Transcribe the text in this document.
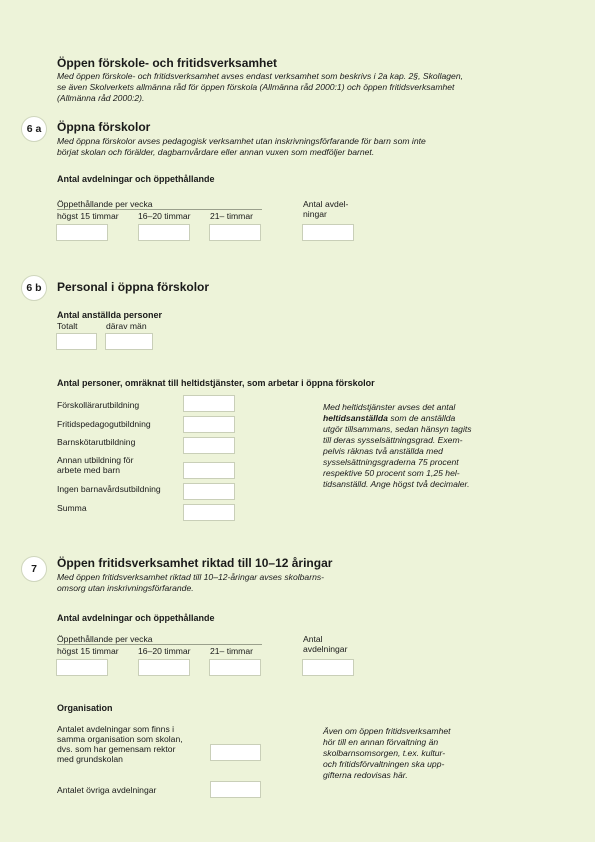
Öppen förskole- och fritidsverksamhet
Med öppen förskole- och fritidsverksamhet avses endast verksamhet som beskrivs i 2a kap. 2§, Skollagen,
se även Skolverkets allmänna råd för öppen förskola (Allmänna råd 2000:1) och öppen fritidsverksamhet
(Allmänna råd 2000:2).
6 a	Öppna förskolor
Med öppna förskolor avses pedagogisk verksamhet utan inskrivningsförfarande för barn som inte
börjat skolan och förälder, dagbarnvårdare eller annan vuxen som medföljer barnet.
Antal avdelningar och öppethållande
Öppethållande per vecka
högst 15 timmar 16–20 timmar 21– timmar
Antal avdel-
ningar
6 b	Personal i öppna förskolor
Antal anställda personer
Totalt	därav män
Antal personer, omräknat till heltidstjänster, som arbetar i öppna förskolor
Förskollärarutbildning
Fritidspedagogutbildning
Barnskötarutbildning
Annan utbildning för
arbete med barn
Ingen barnavårdsutbildning
Summa
Med heltidstjänster avses det antal
heltidsanställda som de anställda
utgör tillsammans, sedan hänsyn tagits
till deras sysselsättningsgrad. Exem-
pelvis räknas två anställda med
sysselsättningsgraderna 75 procent
respektive 50 procent som 1,25 hel-
tidsanställd. Ange högst två decimaler.
7	Öppen fritidsverksamhet riktad till 10–12 åringar
Med öppen fritidsverksamhet riktad till 10–12-åringar avses skolbarns-
omsorg utan inskrivningsförfarande.
Antal avdelningar och öppethållande
Öppethållande per vecka
högst 15 timmar 16–20 timmar 21– timmar
Antal
avdelningar
Organisation
Antalet avdelningar som finns i
samma organisation som skolan,
dvs. som har gemensam rektor
med grundskolan
Antalet övriga avdelningar
Även om öppen fritidsverksamhet
hör till en annan förvaltning än
skolbarnsomsorgen, t.ex. kultur-
och fritidsförvaltningen ska upp-
gifterna redovisas här.
